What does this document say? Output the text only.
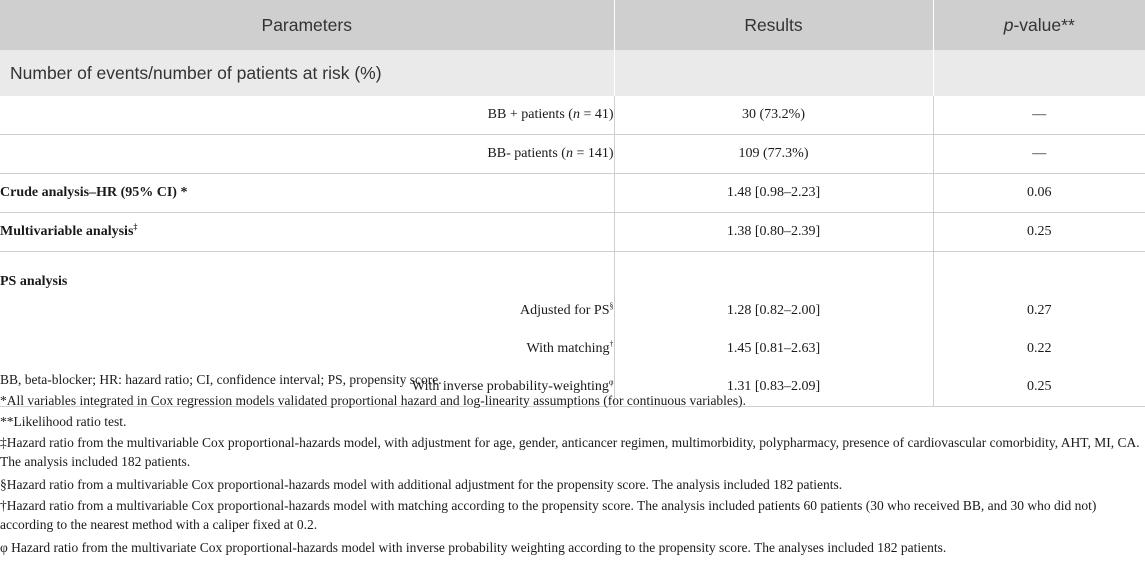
Parameters	Results	p-value**
Number of events/number of patients at risk (%)		
BB + patients (n = 41)	30 (73.2%)	—
BB- patients (n = 141)	109 (77.3%)	—
Crude analysis–HR (95% CI) *	1.48 [0.98–2.23]	0.06
Multivariable analysis‡	1.38 [0.80–2.39]	0.25
PS analysis		
Adjusted for PS§	1.28 [0.82–2.00]	0.27
With matching†	1.45 [0.81–2.63]	0.22
With inverse probability-weighting$^\varphi$	1.31 [0.83–2.09]	0.25

BB, beta-blocker; HR: hazard ratio; CI, confidence interval; PS, propensity score.

*All variables integrated in Cox regression models validated proportional hazard and log-linearity assumptions (for continuous variables).

**Likelihood ratio test.

‡Hazard ratio from the multivariable Cox proportional-hazards model, with adjustment for age, gender, anticancer regimen, multimorbidity, polypharmacy, presence of cardiovascular comorbidity, AHT, MI, CA. The analysis included 182 patients.

§Hazard ratio from a multivariable Cox proportional-hazards model with additional adjustment for the propensity score. The analysis included 182 patients.

†Hazard ratio from a multivariable Cox proportional-hazards model with matching according to the propensity score. The analysis included patients 60 patients (30 who received BB, and 30 who did not) according to the nearest method with a caliper fixed at 0.2.

φ Hazard ratio from the multivariate Cox proportional-hazards model with inverse probability weighting according to the propensity score. The analyses included 182 patients.
